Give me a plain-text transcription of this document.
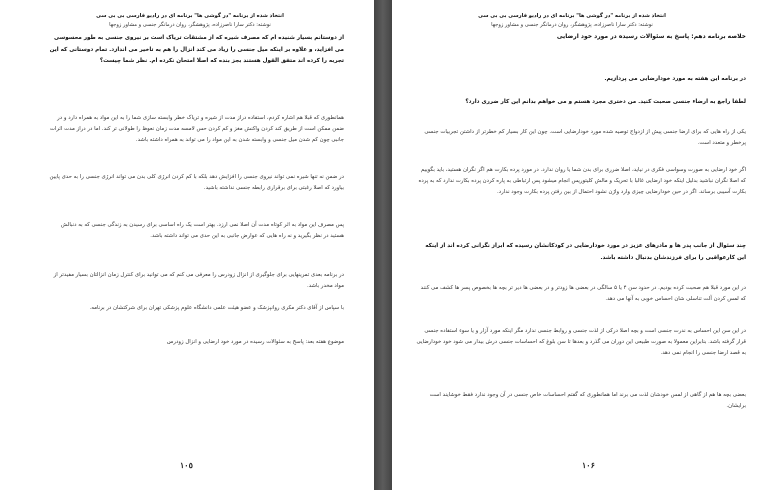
انتخاذ شده از برنامه "در گوشی ها" برنامه ای در رادیو فارسی بی بی سی
نوشته: دکتر سارا ناصرزاده، پژوهشگر، روان درمانگر جنسی و مشاور زوجها
از دوستانم بسیار شنیده ام که مصرف شیره که از مشتقات تریاک است بر نیروی جنسی به طور محسوسی می افزاید، و علاوه بر اینکه میل جنسی را زیاد می کند انزال را هم به تاخیر می اندازد. تمام دوستانی که این تجربه را کرده اند متفق القول هستند بجز بنده که اصلا امتحان نکرده ام. نظر شما چیست؟
همانطوری که قبلا هم اشاره کردم، استفاده دراز مدت از شیره و تریاک خطر وابسته سازی شما را به این مواد به همراه دارد و در ضمن ممکن است از طریق کند کردن واکنش مغز و کم کردن حس لامسه مدت زمان نعوظ را طولانی تر کند. اما در دراز مدت اثرات جانبی چون کم شدن میل جنسی و وابسته شدن به این مواد را می تواند به همراه داشته باشد.
در ضمن نه تنها شیره نمی تواند نیروی جنسی را افزایش دهد بلکه با کم کردن انرژی کلی بدن می تواند انرژی جنسی را به حدی پایین بیاورد که اصلا رغبتی برای برقراری رابطه جنسی نداشته باشید.
پس مصرف این مواد به اثر کوتاه مدت آن اصلا نمی ارزد. بهتر است یک راه اساسی برای رسیدن به زندگی جنسی که به دنبالش هستید در نظر بگیرید و نه راه هایی که عوارض جانبی به این حدی می تواند داشته باشد.
در برنامه بعدی تمرینهایی برای جلوگیری از انزال زودرس را معرفی می کنم که می توانید برای کنترل زمان انزالتان بسیار مفیدتر از مواد مخدر باشد.
با سپاس از آقای دکتر مکری روانپزشک و عضو هیئت علمی دانشگاه علوم پزشکی تهران برای شرکتشان در برنامه.
موضوع هفته بعد: پاسخ به سئوالات رسیده در مورد خود ارضایی و انزال زودرس
١٠٥
انتخاذ شده از برنامه "در گوشی ها" برنامه ای در رادیو فارسی بی بی سی
نوشته: دکتر سارا ناصرزاده، پژوهشگر، روان درمانگر جنسی و مشاور زوجها
خلاصه برنامه دهم: پاسخ به سئوالات رسیده در مورد خود ارضایی
در برنامه این هفته به مورد خودارضایی می پردازیم.
لطفا راجع به ارضاء جنسی صحبت کنید. من دختری مجرد هستم و می خواهم بدانم این کار ضرری دارد؟
یکی از راه هایی که برای ارضا جنسی پیش از ازدواج توصیه شده مورد خودارضایی است. چون این کار بسیار کم خطرتر از داشتن تجربیات جنسی پرخطر و متعدد است.
اگر خود ارضایی به صورت وسواسی فکری در نیاید، اصلا ضرری برای بدن شما یا روان ندارد. در مورد پرده بکارت هم اگر نگران هستید، باید بگوییم که اصلا نگران نباشید بدلیل اینکه خود ارضایی غالبا با تحریک و مالش کلیتوریس انجام میشود پس ارتباطی به پاره کردن پرده بکارت ندارد که به پرده بکارت آسیبی برساند. اگر در حین خودارضایی چیزی وارد واژن نشود احتمال از بین رفتن پرده بکارت وجود ندارد.
چند سئوال از جانب پدر ها و مادرهای عزیز در مورد خودارضایی در کودکانشان رسیده که ابراز نگرانی کرده اند از اینکه این کارعواقبی را برای فرزندشان بدنبال داشته باشد.
در این مورد قبلا هم صحبت کرده بودیم. در حدود سن ۴ یا ۵ سالگی در بعضی ها زودتر و در بعضی ها دیر تر بچه ها بخصوص پسر ها کشف می کنند که لمس کردن آلت تناسلی شان احساس خوبی به آنها می دهد.
در این سن این احساس به ندرت جنسی است و بچه اصلا درکی از لذت جنسی و روابط جنسی ندارد مگر اینکه مورد آزار و یا سوء استفاده جنسی قرار گرفته باشد. بنابراین معمولا به صورت طبیعی این دوران می گذرد و بعدها تا سن بلوغ که احساسات جنسی درش بیدار می شود خود خودارضایی به قصد ارضا جنسی را انجام نمی دهد.
بعضی بچه ها هم از گاهی از لمس خودشان لذت می برند اما همانطوری که گفتم احساسات خاص جنسی در آن وجود ندارد فقط خوشایند است برایشان.
١٠۶
